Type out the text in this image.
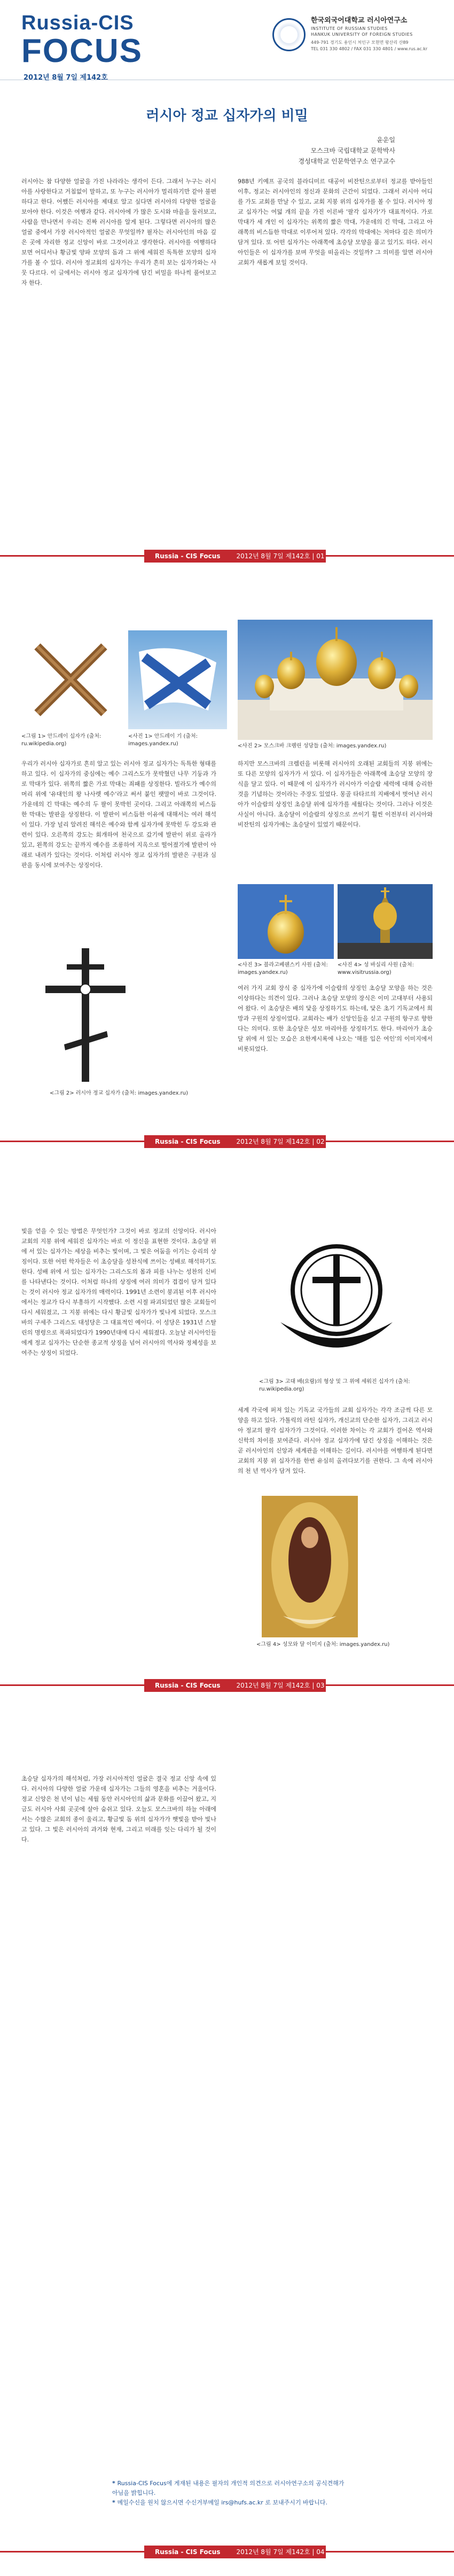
Russia-CIS
FOCUS
2012년 8월 7일 제142호
한국외국어대학교 러시아연구소
INSTITUTE OF RUSSIAN STUDIES
HANKUK UNIVERSITY OF FOREIGN STUDIES
449-791 경기도 용인시 처인구 모현면 왕산리 산89
TEL 031 330 4802 / FAX 031 330 4801 / www.rus.ac.kr
러시아 정교 십자가의 비밀
윤운일
모스크바 국립대학교 문학박사
경성대학교 인문학연구소 연구교수
러시아는 참 다양한 얼굴을 가진 나라라는 생각이 든다. 그래서 누구는 러시아를 사랑한다고 거침없이 말하고, 또 누구는 러시아가 멀리하기만 같아 불편하다고 한다. 어쨌든 러시아를 제대로 알고 싶다면 러시아의 다양한 얼굴을 보아야 한다. 이것은 여행과 같다. 러시아에 가 많은 도시와 마을을 둘러보고, 사람을 만나면서 우리는 진짜 러시아를 알게 된다. 그렇다면 러시아의 많은 얼굴 중에서 가장 러시아적인 얼굴은 무엇일까? 필자는 러시아인의 마음 깊은 곳에 자리한 정교 신앙이 바로 그것이라고 생각한다. 러시아를 여행하다 보면 어디서나 황금빛 양파 모양의 돔과 그 위에 세워진 독특한 모양의 십자가를 볼 수 있다. 러시아 정교회의 십자가는 우리가 흔히 보는 십자가와는 사뭇 다르다. 이 글에서는 러시아 정교 십자가에 담긴 비밀을 하나씩 풀어보고자 한다.
988년 키예프 공국의 블라디미르 대공이 비잔틴으로부터 정교를 받아들인 이후, 정교는 러시아인의 정신과 문화의 근간이 되었다. 그래서 러시아 어디를 가도 교회를 만날 수 있고, 교회 지붕 위의 십자가를 볼 수 있다. 러시아 정교 십자가는 여덟 개의 끝을 가진 이른바 '팔각 십자가'가 대표적이다. 가로 막대가 세 개인 이 십자가는 위쪽의 짧은 막대, 가운데의 긴 막대, 그리고 아래쪽의 비스듬한 막대로 이루어져 있다. 각각의 막대에는 저마다 깊은 의미가 담겨 있다. 또 어떤 십자가는 아래쪽에 초승달 모양을 품고 있기도 하다. 러시아인들은 이 십자가를 보며 무엇을 떠올리는 것일까? 그 의미를 알면 러시아 교회가 새롭게 보일 것이다.
Russia - CIS Focus	2012년 8월 7일 제142호 | 01
<그림 1> 안드레이 십자가 (출처: ru.wikipedia.org)
<사진 1> 안드레이 기 (출처: images.yandex.ru)	<사진 2> 모스크바 크렘린 성당들 (출처: images.yandex.ru)
우리가 러시아 십자가로 흔히 알고 있는 러시아 정교 십자가는 독특한 형태를 하고 있다. 이 십자가의 중심에는 예수 그리스도가 못박혔던 나무 기둥과 가로 막대가 있다. 위쪽의 짧은 가로 막대는 죄패를 상징한다. 빌라도가 예수의 머리 위에 '유대인의 왕 나사렛 예수'라고 써서 붙인 팻말이 바로 그것이다. 가운데의 긴 막대는 예수의 두 팔이 못박힌 곳이다. 그리고 아래쪽의 비스듬한 막대는 발판을 상징한다. 이 발판이 비스듬한 이유에 대해서는 여러 해석이 있다. 가장 널리 알려진 해석은 예수와 함께 십자가에 못박힌 두 강도와 관련이 있다. 오른쪽의 강도는 회개하여 천국으로 갔기에 발판이 위로 올라가 있고, 왼쪽의 강도는 끝까지 예수를 조롱하여 지옥으로 떨어졌기에 발판이 아래로 내려가 있다는 것이다. 이처럼 러시아 정교 십자가의 발판은 구원과 심판을 동시에 보여주는 상징이다.
하지만 모스크바의 크렘린을 비롯해 러시아의 오래된 교회들의 지붕 위에는 또 다른 모양의 십자가가 서 있다. 이 십자가들은 아래쪽에 초승달 모양의 장식을 달고 있다. 이 때문에 이 십자가가 러시아가 이슬람 세력에 대해 승리한 것을 기념하는 것이라는 주장도 있었다. 몽골 타타르의 지배에서 벗어난 러시아가 이슬람의 상징인 초승달 위에 십자가를 세웠다는 것이다. 그러나 이것은 사실이 아니다. 초승달이 이슬람의 상징으로 쓰이기 훨씬 이전부터 러시아와 비잔틴의 십자가에는 초승달이 있었기 때문이다.
<사진 3> 블라고베쉔스키 사원 (출처: images.yandex.ru)
<사진 4> 성 바실리 사원 (출처: www.visitrussia.org)
<그림 2> 러시아 정교 십자가 (출처: images.yandex.ru)
여러 가지 교회 장식 중 십자가에 이슬람의 상징인 초승달 모양을 하는 것은 이상하다는 의견이 있다. 그러나 초승달 모양의 장식은 이미 고대부터 사용되어 왔다. 이 초승달은 배의 닻을 상징하기도 하는데, 닻은 초기 기독교에서 희망과 구원의 상징이었다. 교회라는 배가 신앙인들을 싣고 구원의 항구로 향한다는 의미다. 또한 초승달은 성모 마리아를 상징하기도 한다. 마리아가 초승달 위에 서 있는 모습은 요한계시록에 나오는 '해를 입은 여인'의 이미지에서 비롯되었다.
Russia - CIS Focus	2012년 8월 7일 제142호 | 02
빛을 얻을 수 있는 방법은 무엇인가? 그것이 바로 정교의 신앙이다. 러시아 교회의 지붕 위에 세워진 십자가는 바로 이 정신을 표현한 것이다. 초승달 위에 서 있는 십자가는 세상을 비추는 빛이며, 그 빛은 어둠을 이기는 승리의 상징이다. 또한 어떤 학자들은 이 초승달을 성찬식에 쓰이는 성배로 해석하기도 한다. 성배 위에 서 있는 십자가는 그리스도의 몸과 피를 나누는 성찬의 신비를 나타낸다는 것이다. 이처럼 하나의 상징에 여러 의미가 겹겹이 담겨 있다는 것이 러시아 정교 십자가의 매력이다. 1991년 소련이 붕괴된 이후 러시아에서는 정교가 다시 부흥하기 시작했다. 소련 시절 파괴되었던 많은 교회들이 다시 세워졌고, 그 지붕 위에는 다시 황금빛 십자가가 빛나게 되었다. 모스크바의 구세주 그리스도 대성당은 그 대표적인 예이다. 이 성당은 1931년 스탈린의 명령으로 폭파되었다가 1990년대에 다시 세워졌다. 오늘날 러시아인들에게 정교 십자가는 단순한 종교적 상징을 넘어 러시아의 역사와 정체성을 보여주는 상징이 되었다.
<그림 3> 고대 배(요람)의 형상 및 그 위에 세워진 십자가 (출처: ru.wikipedia.org)
세계 각국에 퍼져 있는 기독교 국가들의 교회 십자가는 각각 조금씩 다른 모양을 하고 있다. 가톨릭의 라틴 십자가, 개신교의 단순한 십자가, 그리고 러시아 정교의 팔각 십자가가 그것이다. 이러한 차이는 각 교회가 걸어온 역사와 신학의 차이를 보여준다. 러시아 정교 십자가에 담긴 상징을 이해하는 것은 곧 러시아인의 신앙과 세계관을 이해하는 길이다. 러시아를 여행하게 된다면 교회의 지붕 위 십자가를 한번 유심히 올려다보기를 권한다. 그 속에 러시아의 천 년 역사가 담겨 있다.
<그림 4> 성모와 달 이미지 (출처: images.yandex.ru)
Russia - CIS Focus	2012년 8월 7일 제142호 | 03
초승달 십자가의 해석처럼, 가장 러시아적인 얼굴은 결국 정교 신앙 속에 있다. 러시아의 다양한 얼굴 가운데 십자가는 그들의 영혼을 비추는 거울이다. 정교 신앙은 천 년이 넘는 세월 동안 러시아인의 삶과 문화를 이끌어 왔고, 지금도 러시아 사회 곳곳에 살아 숨쉬고 있다. 오늘도 모스크바의 하늘 아래에서는 수많은 교회의 종이 울리고, 황금빛 돔 위의 십자가가 햇빛을 받아 빛나고 있다. 그 빛은 러시아의 과거와 현재, 그리고 미래를 잇는 다리가 될 것이다.
* Russia-CIS Focus에 게재된 내용은 필자의 개인적 의견으로 러시아연구소의 공식견해가 아님을 밝힙니다.
* 메일수신을 원치 않으시면 수신거부메일 irs@hufs.ac.kr 로 보내주시기 바랍니다.
Russia - CIS Focus	2012년 8월 7일 제142호 | 04
